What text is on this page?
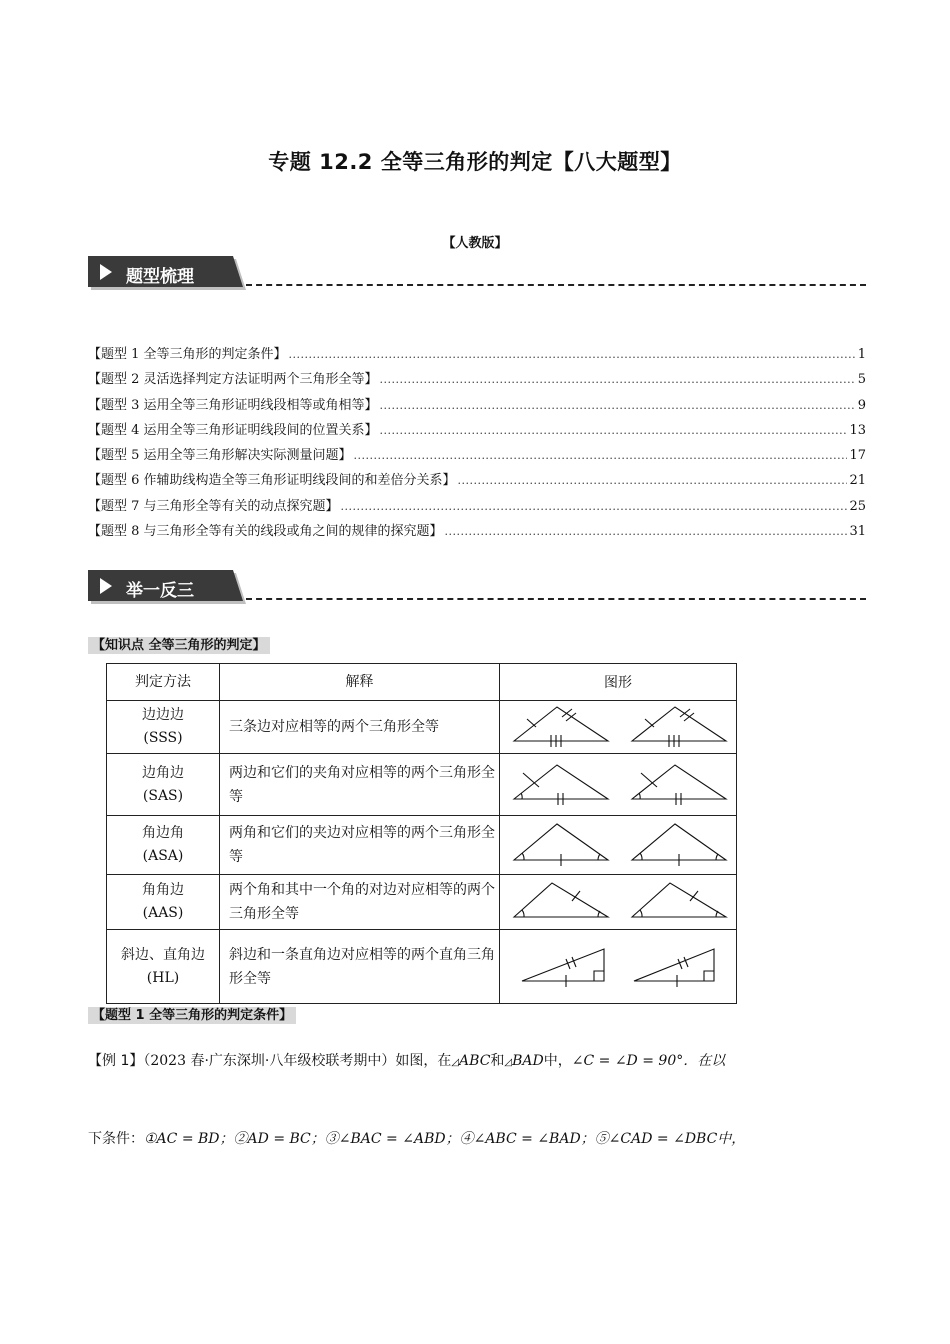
专题 12.2 全等三角形的判定【八大题型】
【人教版】
题型梳理
【题型 1 全等三角形的判定条件】 .....	1
【题型 2 灵活选择判定方法证明两个三角形全等】 .....	5
【题型 3 运用全等三角形证明线段相等或角相等】 .....	9
【题型 4 运用全等三角形证明线段间的位置关系】 .....	13
【题型 5 运用全等三角形解决实际测量问题】 .....	17
【题型 6 作辅助线构造全等三角形证明线段间的和差倍分关系】 .....	21
【题型 7 与三角形全等有关的动点探究题】 .....	25
【题型 8 与三角形全等有关的线段或角之间的规律的探究题】 .....	31
举一反三
【知识点 全等三角形的判定】
判定方法	解释	图形

边边边
(SSS)	三条边对应相等的两个三角形全等	

边角边
(SAS)	两边和它们的夹角对应相等的两个三角形全等	

角边角
(ASA)	两角和它们的夹边对应相等的两个三角形全等	

角角边
(AAS)	两个角和其中一个角的对边对应相等的两个三角形全等	

斜边、直角边
(HL)	斜边和一条直角边对应相等的两个直角三角形全等	
【题型 1 全等三角形的判定条件】
【例 1】（2023 春·广东深圳·八年级校联考期中）如图，在◿ABC和◿BAD中，∠C = ∠D = 90°．在以
下条件：①AC = BD；②AD = BC；③∠BAC = ∠ABD；④∠ABC = ∠BAD；⑤∠CAD = ∠DBC中，
